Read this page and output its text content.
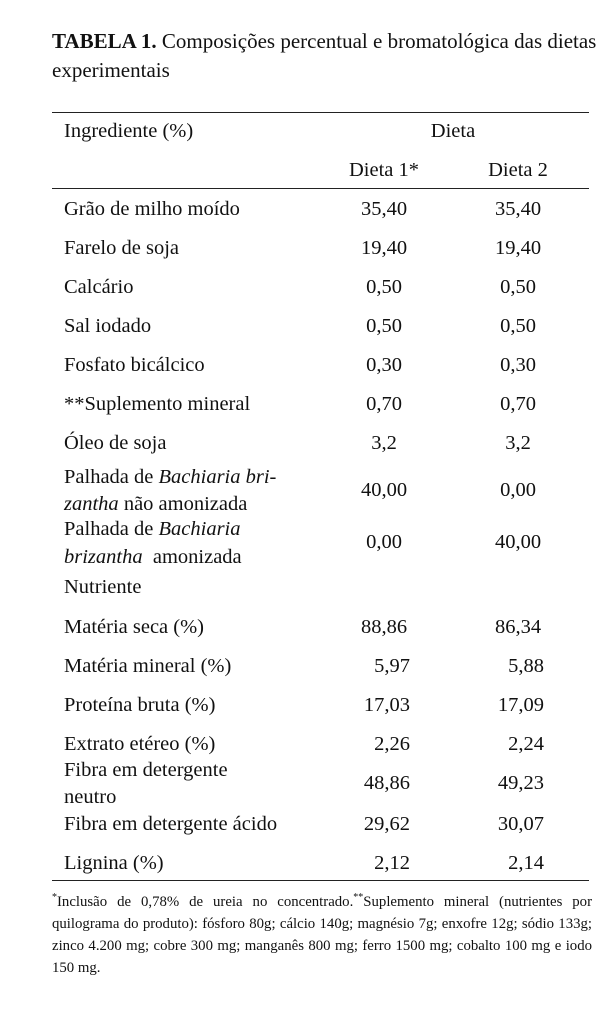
TABELA 1. Composições percentual e bromatológica das dietas experimentais
Ingrediente (%)	Dieta
Dieta 1*	Dieta 2
Grão de milho moído	35,40	35,40
Farelo de soja	19,40	19,40
Calcário	0,50	0,50
Sal iodado	0,50	0,50
Fosfato bicálcico	0,30	0,30
**Suplemento mineral	0,70	0,70
Óleo de soja	3,2	3,2
Palhada de Bachiaria bri-
zantha não amonizada
40,00	0,00
Palhada de Bachiaria
brizantha  amonizada
0,00	40,00
Nutriente
Matéria seca (%)	88,86	86,34
Matéria mineral (%)	5,97	5,88
Proteína bruta (%)	17,03	17,09
Extrato etéreo (%)	2,26	2,24
Fibra em detergente
neutro
48,86	49,23
Fibra em detergente ácido	29,62	30,07
Lignina (%)	2,12	2,14
*Inclusão de 0,78% de ureia no concentrado.**Suplemento mineral (nutrientes por quilograma do produto): fósforo 80g; cálcio 140g; magnésio 7g; enxofre 12g; sódio 133g; zinco 4.200 mg; cobre 300 mg; manganês 800 mg; ferro 1500 mg; cobalto 100 mg e iodo 150 mg.
